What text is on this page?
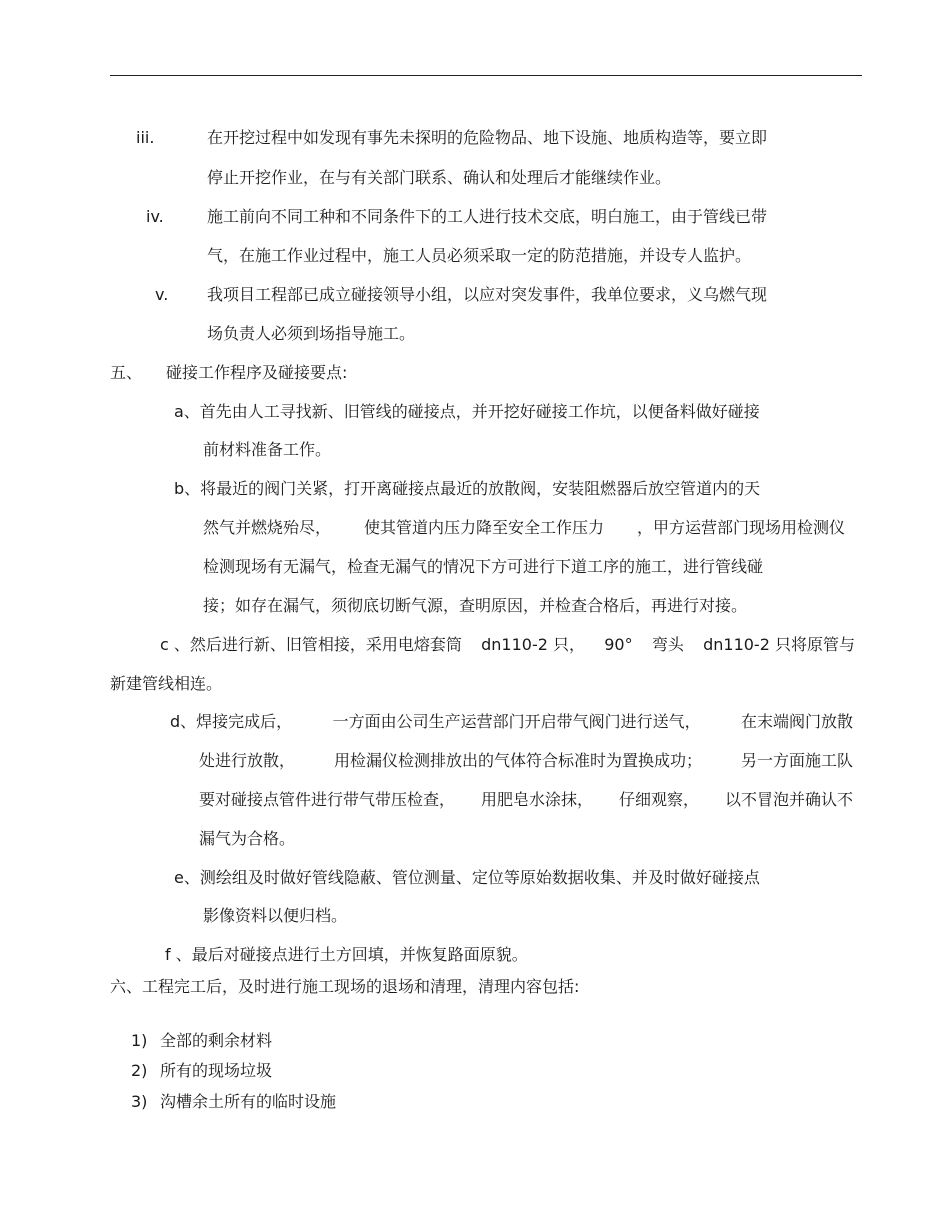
iii.	在开挖过程中如发现有事先未探明的危险物品、地下设施、地质构造等，要立即
停止开挖作业，在与有关部门联系、确认和处理后才能继续作业。
iv.	施工前向不同工种和不同条件下的工人进行技术交底，明白施工，由于管线已带
气，在施工作业过程中，施工人员必须采取一定的防范措施，并设专人监护。
v. 我项目工程部已成立碰接领导小组，以应对突发事件，我单位要求，义乌燃气现
场负责人必须到场指导施工。
五、 碰接工作程序及碰接要点:
a、首先由人工寻找新、旧管线的碰接点，并开挖好碰接工作坑，以便备料做好碰接
前材料准备工作。
b、将最近的阀门关紧，打开离碰接点最近的放散阀，安装阻燃器后放空管道内的天
然气并燃烧殆尽， 使其管道内压力降至安全工作压力 ，甲方运营部门现场用检测仪
检测现场有无漏气，检查无漏气的情况下方可进行下道工序的施工，进行管线碰
接；如存在漏气，须彻底切断气源，查明原因，并检查合格后，再进行对接。
c 、然后进行新、旧管相接，采用电熔套筒 dn110-2 只， 90° 弯头 dn110-2 只将原管与
新建管线相连。
d、焊接完成后，	一方面由公司生产运营部门开启带气阀门进行送气，	在末端阀门放散
处进行放散， 用检漏仪检测排放出的气体符合标准时为置换成功； 另一方面施工队
要对碰接点管件进行带气带压检查， 用肥皂水涂抹， 仔细观察， 以不冒泡并确认不
漏气为合格。
e、测绘组及时做好管线隐蔽、管位测量、定位等原始数据收集、并及时做好碰接点
影像资料以便归档。
f 、最后对碰接点进行土方回填，并恢复路面原貌。
六、工程完工后，及时进行施工现场的退场和清理，清理内容包括:
1) 全部的剩余材料
2) 所有的现场垃圾
3) 沟槽余土所有的临时设施
